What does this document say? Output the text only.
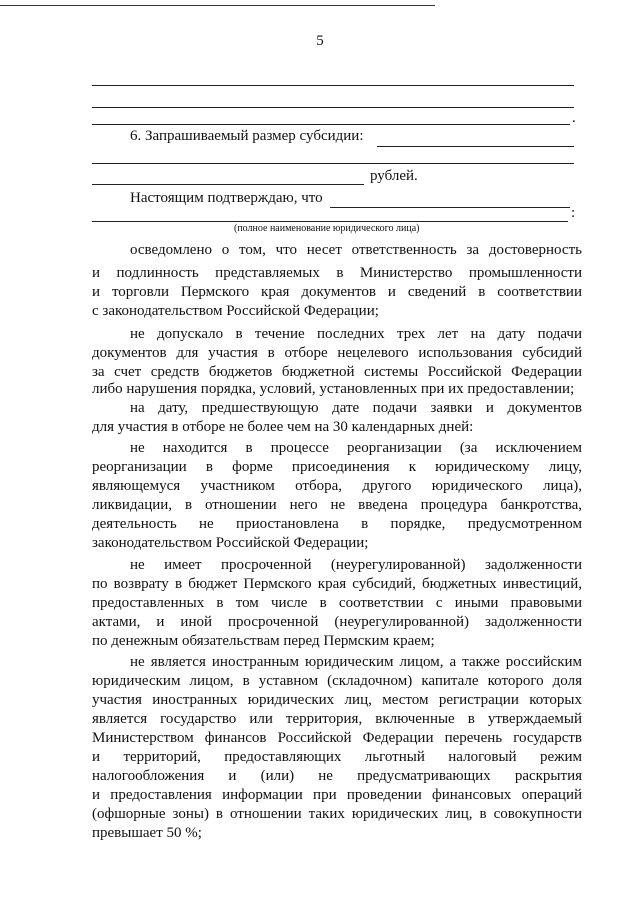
5
.
6. Запрашиваемый размер субсидии:
рублей.
Настоящим подтверждаю, что
:
(полное наименование юридического лица)
осведомлено о том, что несет ответственность за достоверность
и подлинность представляемых в Министерство промышленности
и торговли Пермского края документов и сведений в соответствии
с законодательством Российской Федерации;
не допускало в течение последних трех лет на дату подачи
документов для участия в отборе нецелевого использования субсидий
за счет средств бюджетов бюджетной системы Российской Федерации
либо нарушения порядка, условий, установленных при их предоставлении;
на дату, предшествующую дате подачи заявки и документов
для участия в отборе не более чем на 30 календарных дней:
не находится в процессе реорганизации (за исключением
реорганизации в форме присоединения к юридическому лицу,
являющемуся участником отбора, другого юридического лица),
ликвидации, в отношении него не введена процедура банкротства,
деятельность не приостановлена в порядке, предусмотренном
законодательством Российской Федерации;
не имеет просроченной (неурегулированной) задолженности
по возврату в бюджет Пермского края субсидий, бюджетных инвестиций,
предоставленных в том числе в соответствии с иными правовыми
актами, и иной просроченной (неурегулированной) задолженности
по денежным обязательствам перед Пермским краем;
не является иностранным юридическим лицом, а также российским
юридическим лицом, в уставном (складочном) капитале которого доля
участия иностранных юридических лиц, местом регистрации которых
является государство или территория, включенные в утверждаемый
Министерством финансов Российской Федерации перечень государств
и территорий, предоставляющих льготный налоговый режим
налогообложения и (или) не предусматривающих раскрытия
и предоставления информации при проведении финансовых операций
(офшорные зоны) в отношении таких юридических лиц, в совокупности
превышает 50 %;
